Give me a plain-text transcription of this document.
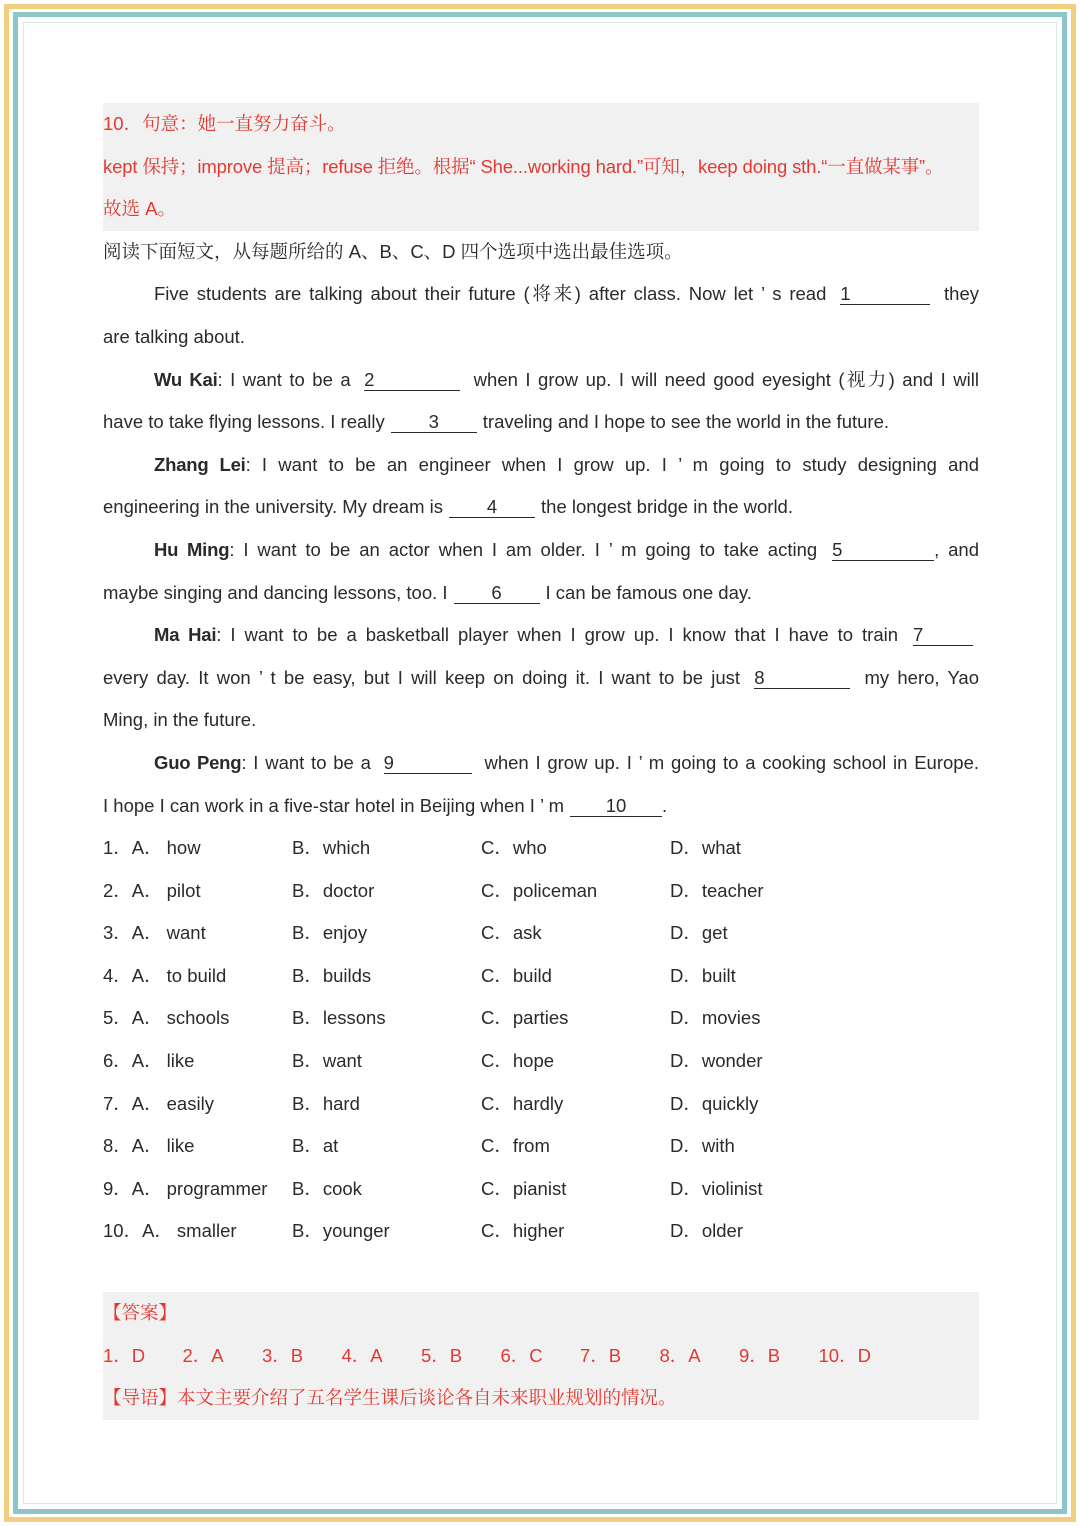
10．句意：她一直努力奋斗。
kept 保持；improve 提高；refuse 拒绝。根据“ She...working hard.”可知，keep doing sth.“一直做某事”。
故选 A。
阅读下面短文，从每题所给的 A、B、C、D 四个选项中选出最佳选项。
Five students are talking about their future (将来) after class. Now let ’ s read 1	they
are talking about.
Wu Kai: I want to be a 2	when I grow up. I will need good eyesight (视力) and I will
have to take flying lessons. I really 3 traveling and I hope to see the world in the future.
Zhang Lei: I want to be an engineer when I grow up. I ’ m going to study designing and
engineering in the university. My dream is 4 the longest bridge in the world.
Hu Ming: I want to be an actor when I am older. I ’ m going to take acting 5	, and
maybe singing and dancing lessons, too. I 6 I can be famous one day.
Ma Hai: I want to be a basketball player when I grow up. I know that I have to train 7
every day. It won ’ t be easy, but I will keep on doing it. I want to be just 8	my hero, Yao
Ming, in the future.
Guo Peng: I want to be a 9	when I grow up. I ’ m going to a cooking school in Europe.
I hope I can work in a five-star hotel in Beijing when I ’ m 10 .
1．A． how	B．which	C．who	D．what
2．A． pilot	B．doctor	C．policeman	D．teacher
3．A． want	B．enjoy	C．ask	D．get
4．A． to build	B．builds	C．build	D．built
5．A． schools	B．lessons	C．parties	D．movies
6．A． like	B．want	C．hope	D．wonder
7．A． easily	B．hard	C．hardly	D．quickly
8．A． like	B．at	C．from	D．with
9．A． programmer	B．cook	C．pianist	D．violinist
10．A． smaller	B．younger	C．higher	D．older
【答案】
1．D 2．A 3．B 4．A 5．B 6．C 7．B 8．A 9．B 10．D
【导语】本文主要介绍了五名学生课后谈论各自未来职业规划的情况。
